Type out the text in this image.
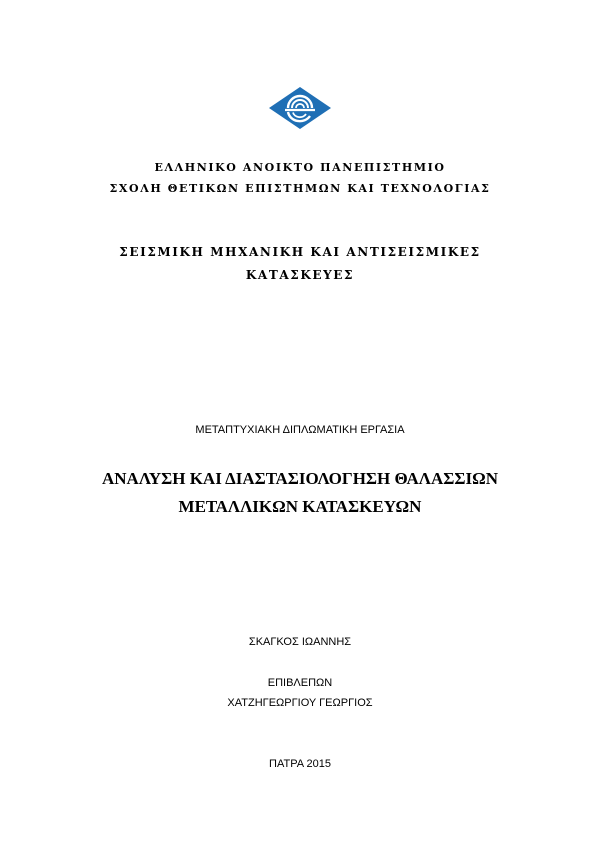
ΕΛΛΗΝΙΚΟ ΑΝΟΙΚΤΟ ΠΑΝΕΠΙΣΤΗΜΙΟ
ΣΧΟΛΗ ΘΕΤΙΚΩΝ ΕΠΙΣΤΗΜΩΝ ΚΑΙ ΤΕΧΝΟΛΟΓΙΑΣ
ΣΕΙΣΜΙΚΗ ΜΗΧΑΝΙΚΗ ΚΑΙ ΑΝΤΙΣΕΙΣΜΙΚΕΣ
ΚΑΤΑΣΚΕΥΕΣ
ΜΕΤΑΠΤΥΧΙΑΚΗ ΔΙΠΛΩΜΑΤΙΚΗ ΕΡΓΑΣΙΑ
ΑΝΑΛΥΣΗ ΚΑΙ ΔΙΑΣΤΑΣΙΟΛΟΓΗΣΗ ΘΑΛΑΣΣΙΩΝ
ΜΕΤΑΛΛΙΚΩΝ ΚΑΤΑΣΚΕΥΩΝ
ΣΚΑΓΚΟΣ ΙΩΑΝΝΗΣ
ΕΠΙΒΛΕΠΩΝ
ΧΑΤΖΗΓΕΩΡΓΙΟΥ ΓΕΩΡΓΙΟΣ
ΠΑΤΡΑ 2015
